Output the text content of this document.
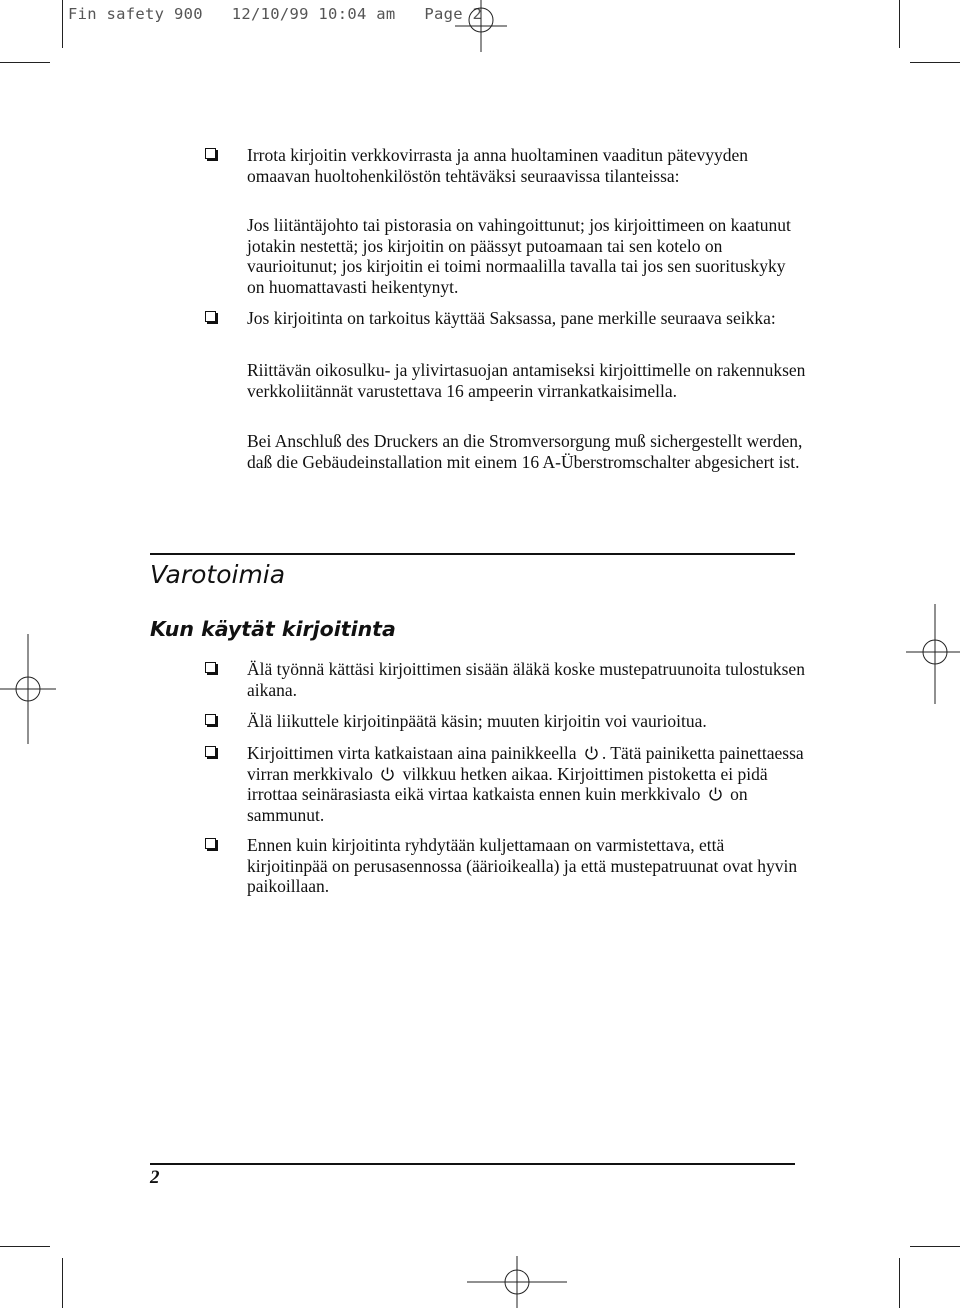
Fin safety 900   12/10/99 10:04 am   Page 2
Irrota kirjoitin verkkovirrasta ja anna huoltaminen vaaditun pätevyyden omaavan huoltohenkilöstön tehtäväksi seuraavissa tilanteissa:
Jos liitäntäjohto tai pistorasia on vahingoittunut; jos kirjoittimeen on kaatunut jotakin nestettä; jos kirjoitin on päässyt putoamaan tai sen kotelo on vaurioitunut; jos kirjoitin ei toimi normaalilla tavalla tai jos sen suorituskyky on huomattavasti heikentynyt.
Jos kirjoitinta on tarkoitus käyttää Saksassa, pane merkille seuraava seikka:
Riittävän oikosulku- ja ylivirtasuojan antamiseksi kirjoittimelle on rakennuksen verkkoliitännät varustettava 16 ampeerin virrankatkaisimella.
Bei Anschluß des Druckers an die Stromversorgung muß sichergestellt werden, daß die Gebäudeinstallation mit einem 16 A-Überstromschalter abgesichert ist.
Varotoimia
Kun käytät kirjoitinta
Älä työnnä kättäsi kirjoittimen sisään äläkä koske mustepatruunoita tulostuksen aikana.
Älä liikuttele kirjoitinpäätä käsin; muuten kirjoitin voi vaurioitua.
Kirjoittimen virta katkaistaan aina painikkeella . Tätä painiketta painettaessa virran merkkivalo vilkkuu hetken aikaa. Kirjoittimen pistoketta ei pidä irrottaa seinärasiasta eikä virtaa katkaista ennen kuin merkkivalo on sammunut.
Ennen kuin kirjoitinta ryhdytään kuljettamaan on varmistettava, että kirjoitinpää on perusasennossa (äärioikealla) ja että mustepatruunat ovat hyvin paikoillaan.
2
